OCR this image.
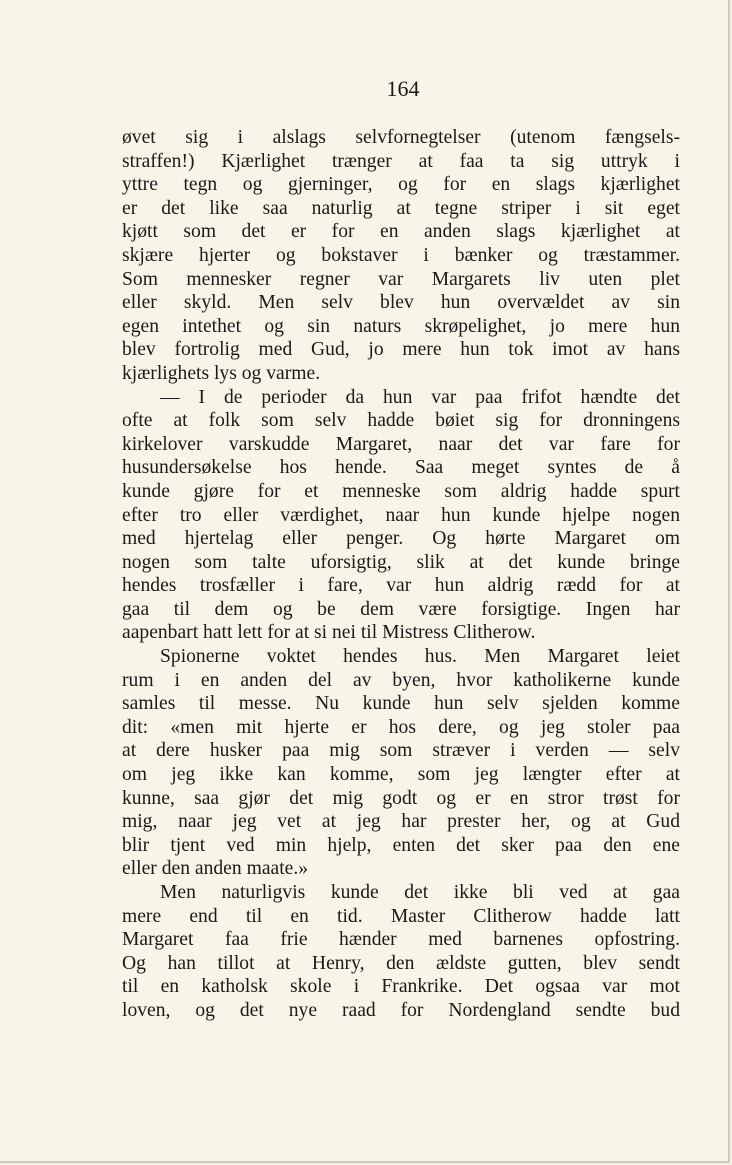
164
øvet sig i alslags selvfornegtelser (utenom fængsels-
straffen!) Kjærlighet trænger at faa ta sig uttryk i
yttre tegn og gjerninger, og for en slags kjærlighet
er det like saa naturlig at tegne striper i sit eget
kjøtt som det er for en anden slags kjærlighet at
skjære hjerter og bokstaver i bænker og træstammer.
Som mennesker regner var Margarets liv uten plet
eller skyld. Men selv blev hun overvældet av sin
egen intethet og sin naturs skrøpelighet, jo mere hun
blev fortrolig med Gud, jo mere hun tok imot av hans
kjærlighets lys og varme.
— I de perioder da hun var paa frifot hændte det
ofte at folk som selv hadde bøiet sig for dronningens
kirkelover varskudde Margaret, naar det var fare for
husundersøkelse hos hende. Saa meget syntes de å
kunde gjøre for et menneske som aldrig hadde spurt
efter tro eller værdighet, naar hun kunde hjelpe nogen
med hjertelag eller penger. Og hørte Margaret om
nogen som talte uforsigtig, slik at det kunde bringe
hendes trosfæller i fare, var hun aldrig rædd for at
gaa til dem og be dem være forsigtige. Ingen har
aapenbart hatt lett for at si nei til Mistress Clitherow.
Spionerne voktet hendes hus. Men Margaret leiet
rum i en anden del av byen, hvor katholikerne kunde
samles til messe. Nu kunde hun selv sjelden komme
dit: «men mit hjerte er hos dere, og jeg stoler paa
at dere husker paa mig som stræver i verden — selv
om jeg ikke kan komme, som jeg længter efter at
kunne, saa gjør det mig godt og er en stror trøst for
mig, naar jeg vet at jeg har prester her, og at Gud
blir tjent ved min hjelp, enten det sker paa den ene
eller den anden maate.»
Men naturligvis kunde det ikke bli ved at gaa
mere end til en tid. Master Clitherow hadde latt
Margaret faa frie hænder med barnenes opfostring.
Og han tillot at Henry, den ældste gutten, blev sendt
til en katholsk skole i Frankrike. Det ogsaa var mot
loven, og det nye raad for Nordengland sendte bud
